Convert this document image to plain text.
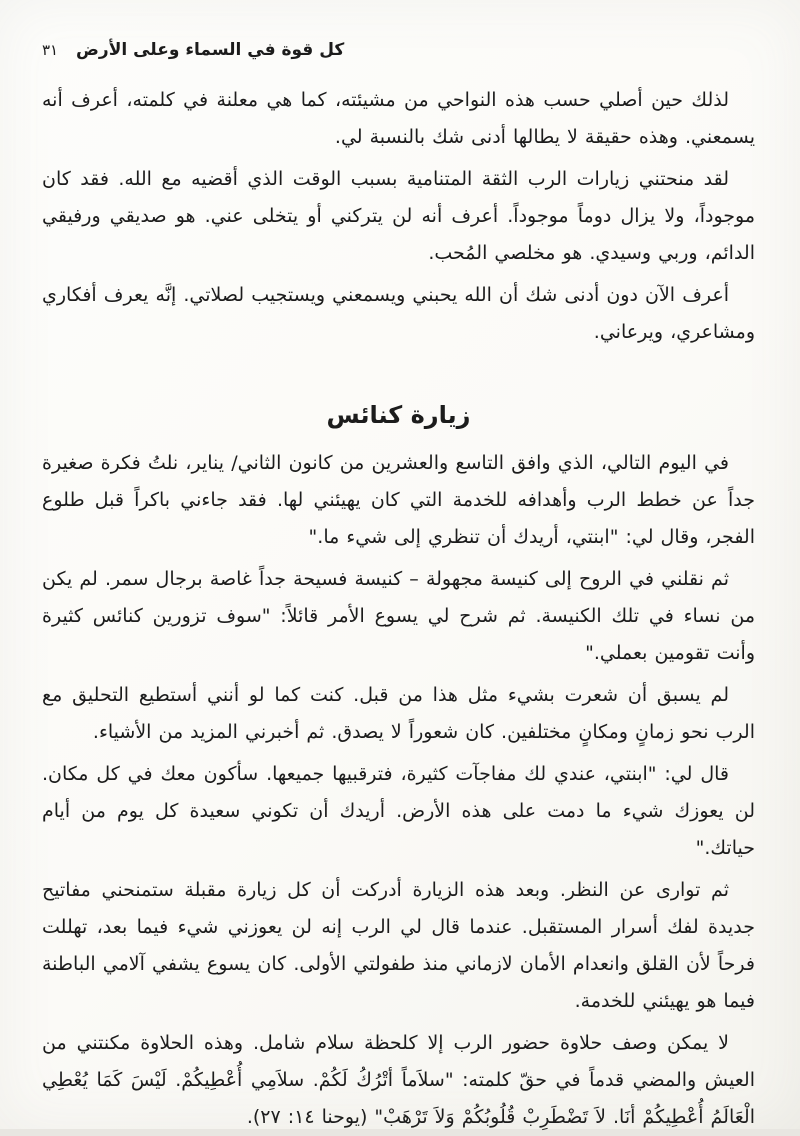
كل قوة في السماء وعلى الأرض ٣١

لذلك حين أصلي حسب هذه النواحي من مشيئته، كما هي معلنة في كلمته، أعرف أنه يسمعني. وهذه حقيقة لا يطالها أدنى شك بالنسبة لي.

لقد منحتني زيارات الرب الثقة المتنامية بسبب الوقت الذي أقضيه مع الله. فقد كان موجوداً، ولا يزال دوماً موجوداً. أعرف أنه لن يتركني أو يتخلى عني. هو صديقي ورفيقي الدائم، وربي وسيدي. هو مخلصي المُحب.

أعرف الآن دون أدنى شك أن الله يحبني ويسمعني ويستجيب لصلاتي. إنَّه يعرف أفكاري ومشاعري، ويرعاني.

زيارة كنائس

في اليوم التالي، الذي وافق التاسع والعشرين من كانون الثاني/ يناير، نلتُ فكرة صغيرة جداً عن خطط الرب وأهدافه للخدمة التي كان يهيئني لها. فقد جاءني باكراً قبل طلوع الفجر، وقال لي: "ابنتي، أريدك أن تنظري إلى شيء ما."

ثم نقلني في الروح إلى كنيسة مجهولة – كنيسة فسيحة جداً غاصة برجال سمر. لم يكن من نساء في تلك الكنيسة. ثم شرح لي يسوع الأمر قائلاً: "سوف تزورين كنائس كثيرة وأنت تقومين بعملي."

لم يسبق أن شعرت بشيء مثل هذا من قبل. كنت كما لو أنني أستطيع التحليق مع الرب نحو زمانٍ ومكانٍ مختلفين. كان شعوراً لا يصدق. ثم أخبرني المزيد من الأشياء.

قال لي: "ابنتي، عندي لك مفاجآت كثيرة، فترقبيها جميعها. سأكون معك في كل مكان. لن يعوزك شيء ما دمت على هذه الأرض. أريدك أن تكوني سعيدة كل يوم من أيام حياتك."

ثم توارى عن النظر. وبعد هذه الزيارة أدركت أن كل زيارة مقبلة ستمنحني مفاتيح جديدة لفك أسرار المستقبل. عندما قال لي الرب إنه لن يعوزني شيء فيما بعد، تهللت فرحاً لأن القلق وانعدام الأمان لازماني منذ طفولتي الأولى. كان يسوع يشفي آلامي الباطنة فيما هو يهيئني للخدمة.

لا يمكن وصف حلاوة حضور الرب إلا كلحظة سلام شامل. وهذه الحلاوة مكنتني من العيش والمضي قدماً في حقّ كلمته: "سلاَماً أتْرُكُ لَكُمْ. سلاَمِي أُعْطِيكُمْ. لَيْسَ كَمَا يُعْطِي الْعَالَمُ أُعْطِيكُمْ أنَا. لاَ تَضْطَرِبْ قُلُوبُكُمْ وَلاَ تَرْهَبْ" (يوحنا ١٤: ٢٧).
